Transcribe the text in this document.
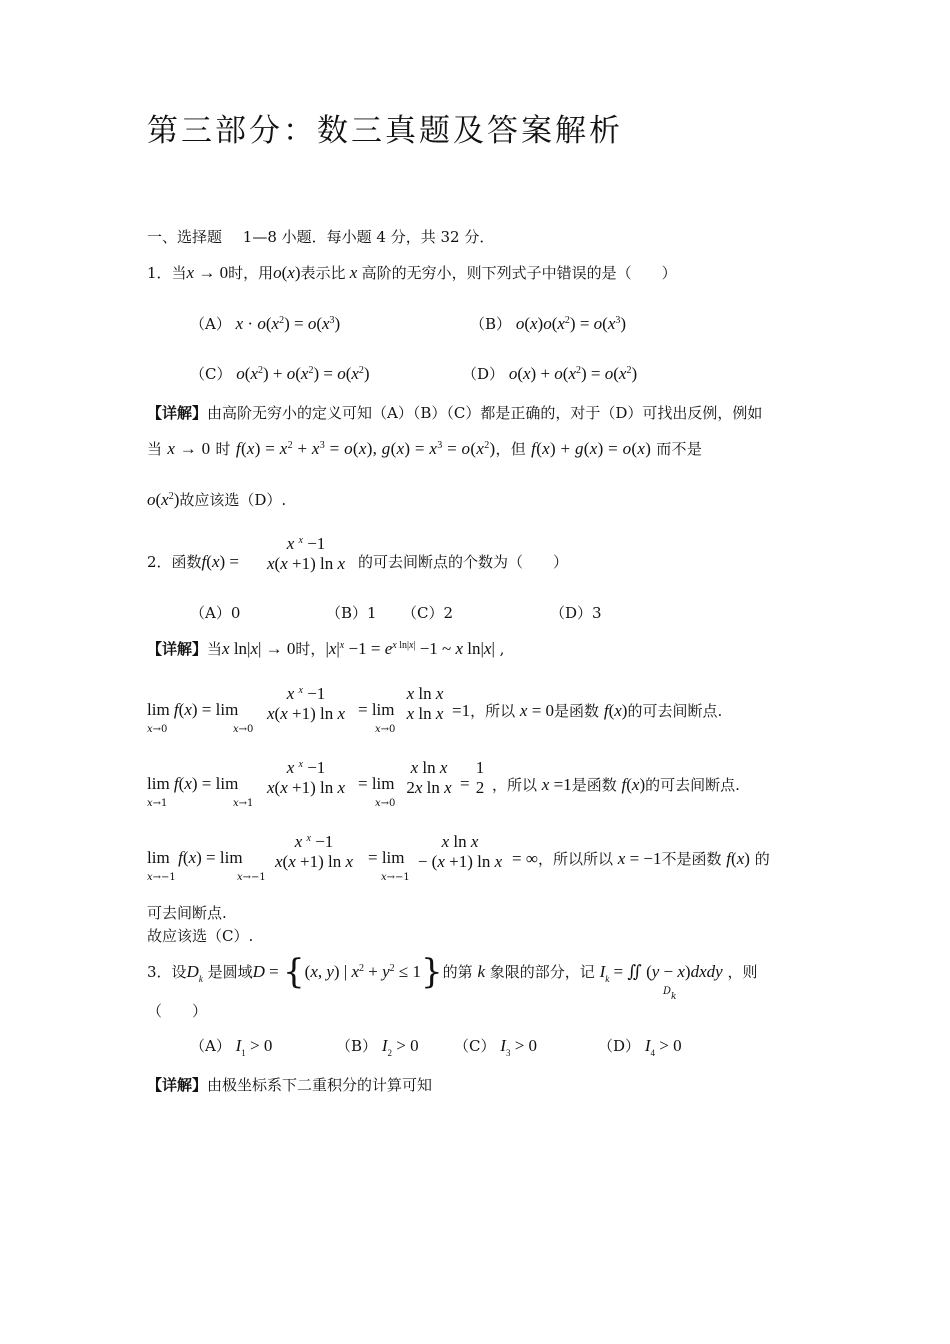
第三部分：数三真题及答案解析
一、选择题 1—8 小题．每小题 4 分，共 32 分．
1．当x → 0时，用o(x)表示比 x 高阶的无穷小，则下列式子中错误的是（　　）
（A） $x \cdot o(x^2) = o(x^3)$	（B） $o(x)o(x^2) = o(x^3)$
（C） $o(x^2) + o(x^2) = o(x^2)$	（D） $o(x) + o(x^2) = o(x^2)$
【详解】由高阶无穷小的定义可知（A）（B）（C）都是正确的，对于（D）可找出反例，例如
当 x → 0 时 $f(x) = x^2 + x^3 = o(x)$, $g(x) = x^3 = o(x^2)$，但 f(x) + g(x) = o(x) 而不是
$o(x^2)$故应该选（D）.
2．函数f(x) =
x $^x$ −1
x(x +1) ln x 的可去间断点的个数为（　　）
（A）0	（B）1 （C）2	（D）3
【详解】当x ln|x| → 0时，$|x|^x -1 = e^{x ln|x|} -1$ ~ x ln|x| ,
lim f(x) = lim
x→0	x→0
x $^x$ −1
x(x +1) ln x = lim
x→0
x ln x
x ln x =1，所以 x = 0是函数 f(x)的可去间断点.
lim f(x) = lim
x→1	x→1
x $^x$ −1
x(x +1) ln x = lim
x→0
x ln x
2x ln x =
1
2 ，所以 x =1是函数 f(x)的可去间断点.
lim  f(x) = lim
x→−1	x→−1
x $^x$ −1
x(x +1) ln x = lim
x→−1
x ln x
− (x +1) ln x = ∞，所以所以 x = −1不是函数 f(x) 的
可去间断点.
故应该选（C）.
3．设$D_k$ 是圆域D = {(x, y) | $x^2 + y^2 \le 1$}的第 k 象限的部分，记 $I_k$ = ∬ (y − x)dxdy ，则
$D_k$
（　　）
（A） $I_1 > 0$	（B） $I_2 > 0$ （C） $I_3 > 0$	（D） $I_4 > 0$
【详解】由极坐标系下二重积分的计算可知
